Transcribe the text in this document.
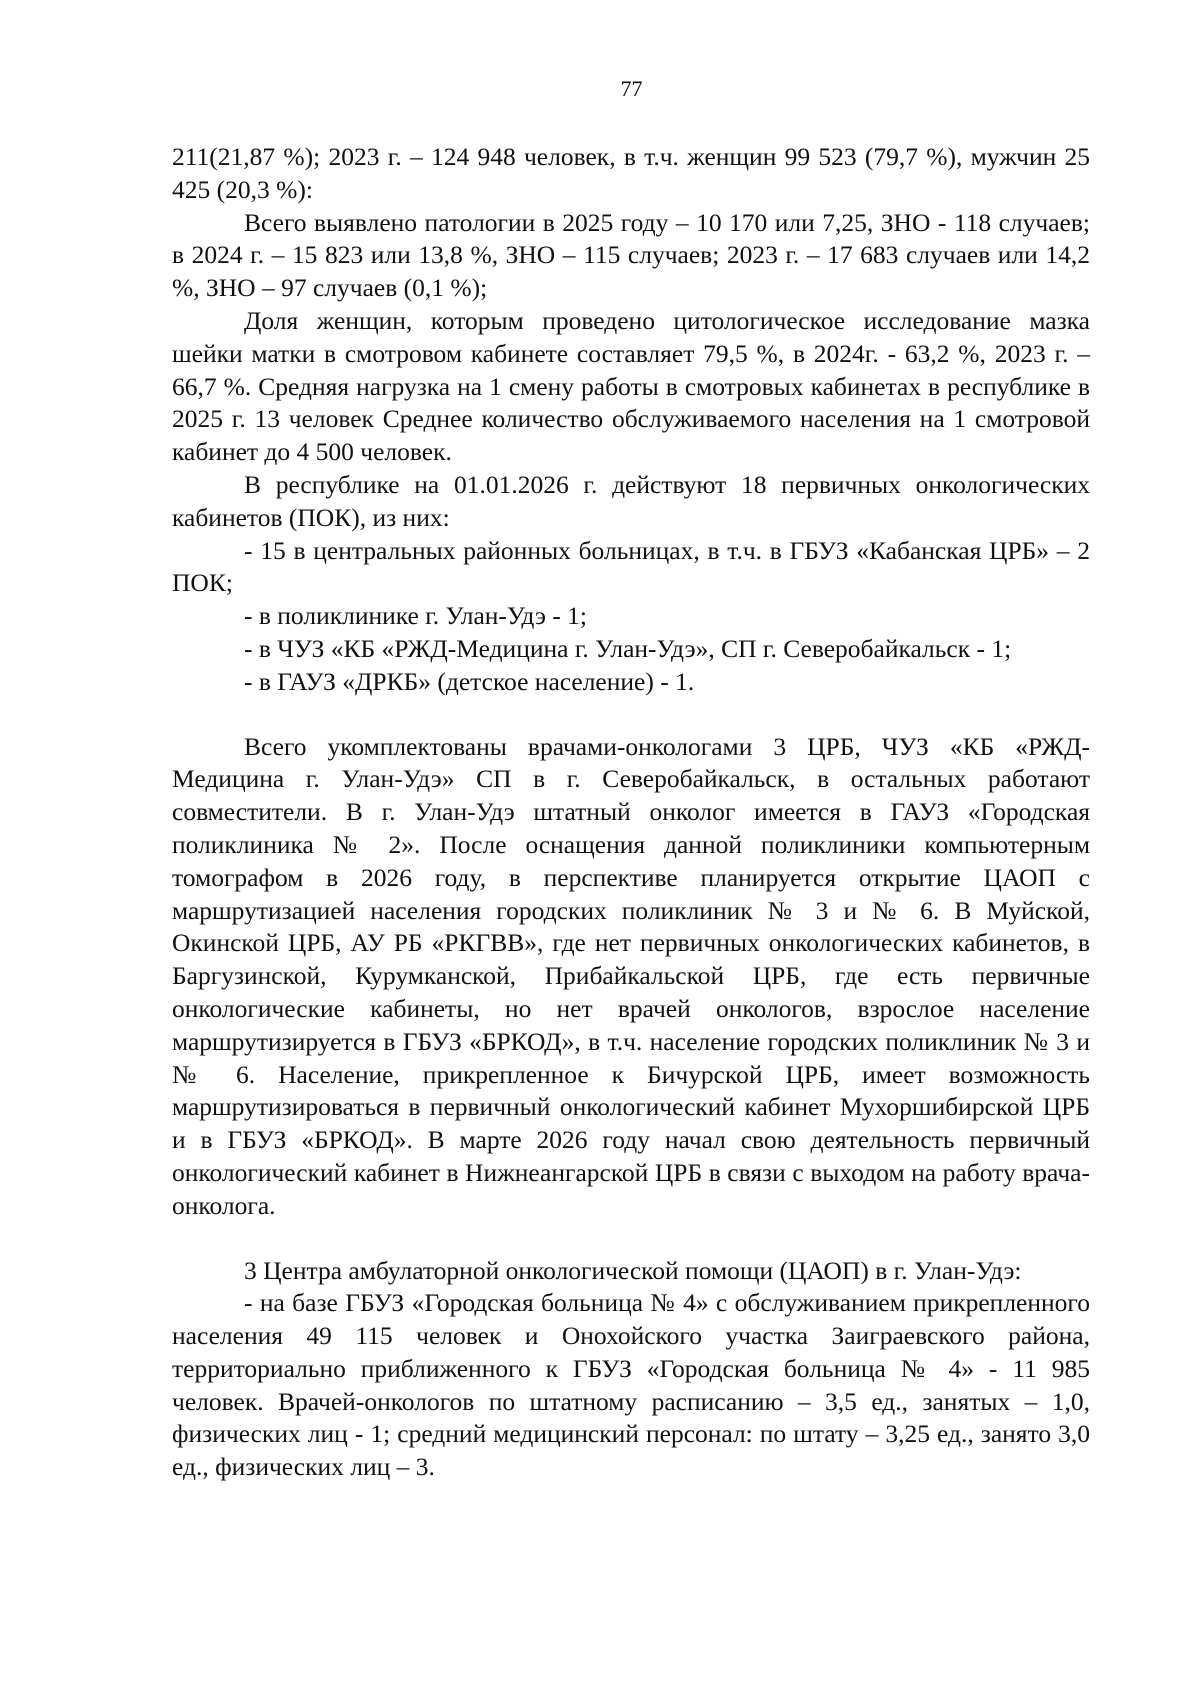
77

211(21,87 %); 2023 г. – 124 948 человек, в т.ч. женщин 99 523 (79,7 %), мужчин 25 425 (20,3 %):

Всего выявлено патологии в 2025 году – 10 170 или 7,25, ЗНО - 118 случаев; в 2024 г. – 15 823 или 13,8 %, ЗНО – 115 случаев; 2023 г. – 17 683 случаев или 14,2 %, ЗНО – 97 случаев (0,1 %);

Доля женщин, которым проведено цитологическое исследование мазка шейки матки в смотровом кабинете составляет 79,5 %, в 2024г. - 63,2 %, 2023 г. – 66,7 %. Средняя нагрузка на 1 смену работы в смотровых кабинетах в республике в 2025 г. 13 человек Среднее количество обслуживаемого населения на 1 смотровой кабинет до 4 500 человек.

В республике на 01.01.2026 г. действуют 18 первичных онкологических кабинетов (ПОК), из них:

- 15 в центральных районных больницах, в т.ч. в ГБУЗ «Кабанская ЦРБ» – 2 ПОК;

- в поликлинике г. Улан-Удэ - 1;

- в ЧУЗ «КБ «РЖД-Медицина г. Улан-Удэ», СП г. Северобайкальск - 1;

- в ГАУЗ «ДРКБ» (детское население) - 1.

Всего укомплектованы врачами-онкологами 3 ЦРБ, ЧУЗ «КБ «РЖД-Медицина г. Улан-Удэ» СП в г. Северобайкальск, в остальных работают совместители. В г. Улан-Удэ штатный онколог имеется в ГАУЗ «Городская поликлиника № 2». После оснащения данной поликлиники компьютерным томографом в 2026 году, в перспективе планируется открытие ЦАОП с маршрутизацией населения городских поликлиник № 3 и № 6. В Муйской, Окинской ЦРБ, АУ РБ «РКГВВ», где нет первичных онкологических кабинетов, в Баргузинской, Курумканской, Прибайкальской ЦРБ, где есть первичные онкологические кабинеты, но нет врачей онкологов, взрослое население маршрутизируется в ГБУЗ «БРКОД», в т.ч. население городских поликлиник № 3 и № 6. Население, прикрепленное к Бичурской ЦРБ, имеет возможность маршрутизироваться в первичный онкологический кабинет Мухоршибирской ЦРБ и в ГБУЗ «БРКОД». В марте 2026 году начал свою деятельность первичный онкологический кабинет в Нижнеангарской ЦРБ в связи с выходом на работу врача-онколога.

3 Центра амбулаторной онкологической помощи (ЦАОП) в г. Улан-Удэ:

- на базе ГБУЗ «Городская больница № 4» с обслуживанием прикрепленного населения 49 115 человек и Онохойского участка Заиграевского района, территориально приближенного к ГБУЗ «Городская больница № 4» - 11 985 человек. Врачей-онкологов по штатному расписанию – 3,5 ед., занятых – 1,0, физических лиц - 1; средний медицинский персонал: по штату – 3,25 ед., занято 3,0 ед., физических лиц – 3.
